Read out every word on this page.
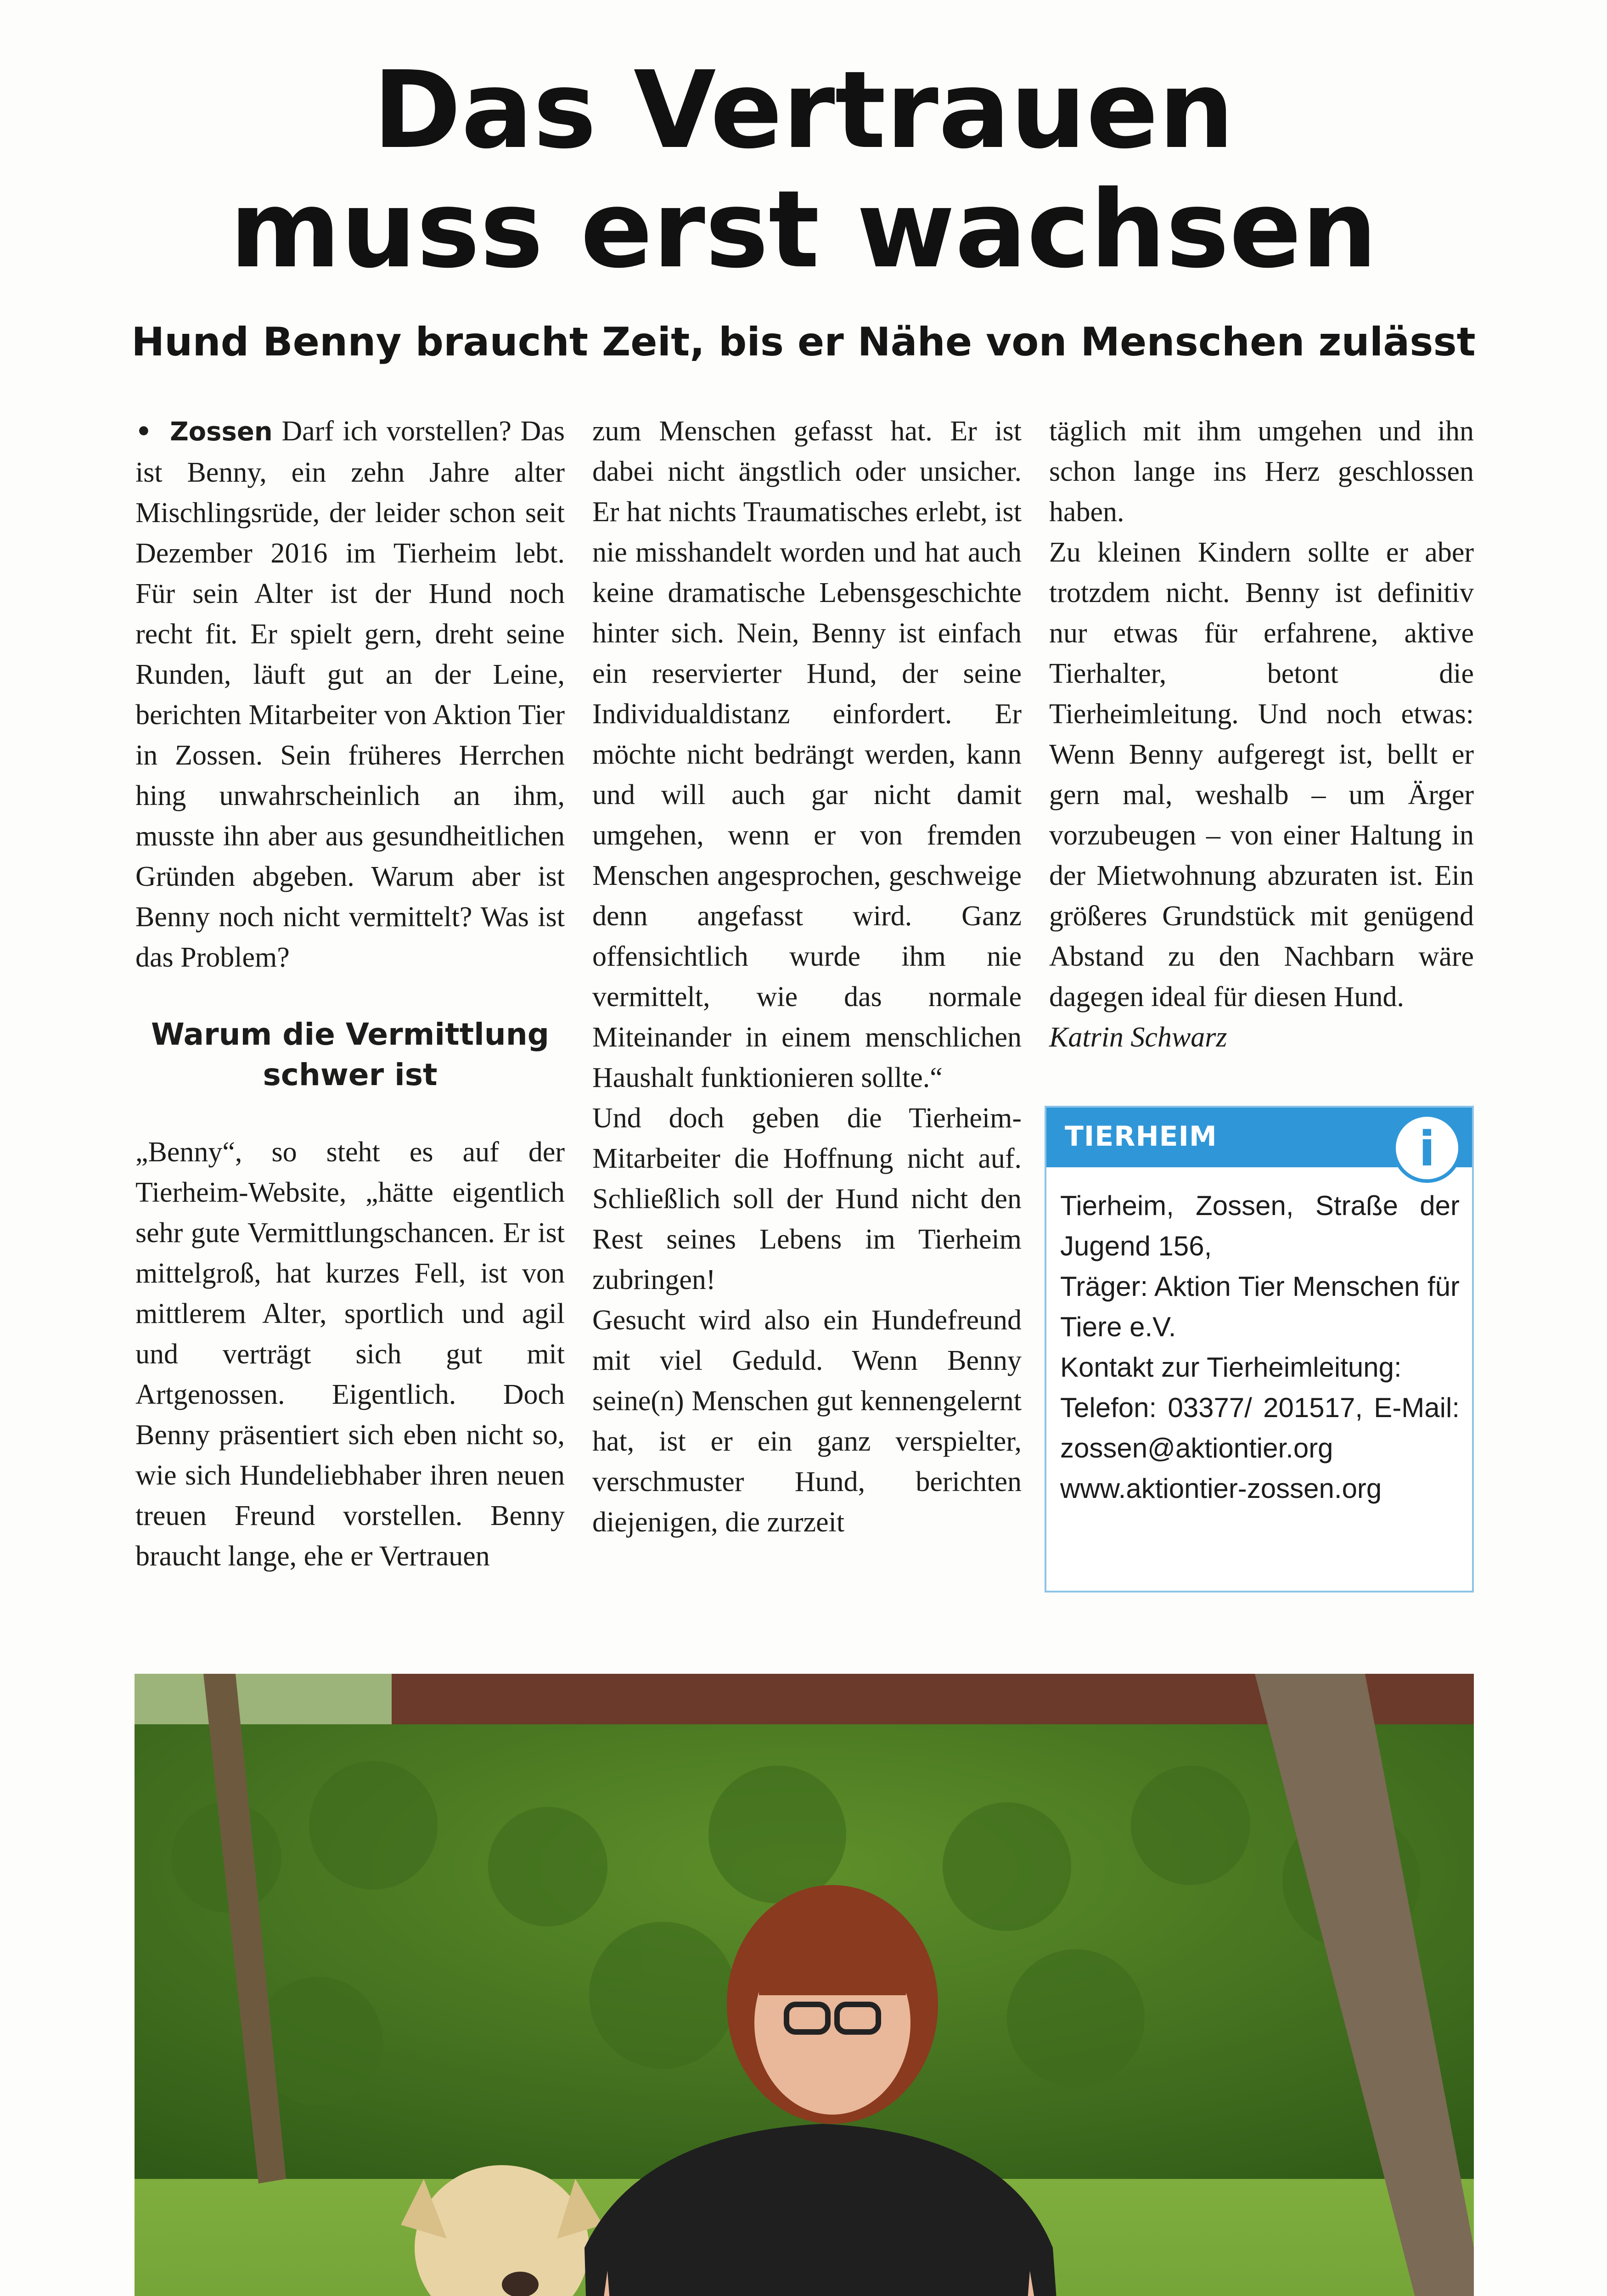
Das Vertrauen
muss erst wachsen
Hund Benny braucht Zeit, bis er Nähe von Menschen zulässt

• Zossen Darf ich vorstellen? Das ist Benny, ein zehn Jahre alter Mischlingsrüde, der leider schon seit Dezember 2016 im Tierheim lebt. Für sein Alter ist der Hund noch recht fit. Er spielt gern, dreht seine Runden, läuft gut an der Leine, berichten Mitarbeiter von Aktion Tier in Zossen. Sein früheres Herrchen hing unwahrscheinlich an ihm, musste ihn aber aus gesundheitlichen Gründen abgeben. Warum aber ist Benny noch nicht vermittelt? Was ist das Problem?

Warum die Vermittlung schwer ist

„Benny“, so steht es auf der Tierheim-Website, „hätte eigentlich sehr gute Vermittlungschancen. Er ist mittelgroß, hat kurzes Fell, ist von mittlerem Alter, sportlich und agil und verträgt sich gut mit Artgenossen. Eigentlich. Doch Benny präsentiert sich eben nicht so, wie sich Hundeliebhaber ihren neuen treuen Freund vorstellen. Benny braucht lange, ehe er Vertrauen

zum Menschen gefasst hat. Er ist dabei nicht ängstlich oder unsicher. Er hat nichts Traumatisches erlebt, ist nie misshandelt worden und hat auch keine dramatische Lebensgeschichte hinter sich. Nein, Benny ist einfach ein reservierter Hund, der seine Individualdistanz einfordert. Er möchte nicht bedrängt werden, kann und will auch gar nicht damit umgehen, wenn er von fremden Menschen angesprochen, geschweige denn angefasst wird. Ganz offensichtlich wurde ihm nie vermittelt, wie das normale Miteinander in einem menschlichen Haushalt funktionieren sollte.“

Und doch geben die Tierheim-Mitarbeiter die Hoffnung nicht auf. Schließlich soll der Hund nicht den Rest seines Lebens im Tierheim zubringen!

Gesucht wird also ein Hundefreund mit viel Geduld. Wenn Benny seine(n) Menschen gut kennengelernt hat, ist er ein ganz verspielter, verschmuster Hund, berichten diejenigen, die zurzeit

täglich mit ihm umgehen und ihn schon lange ins Herz geschlossen haben.

Zu kleinen Kindern sollte er aber trotzdem nicht. Benny ist definitiv nur etwas für erfahrene, aktive Tierhalter, betont die Tierheimleitung. Und noch etwas: Wenn Benny aufgeregt ist, bellt er gern mal, weshalb – um Ärger vorzubeugen – von einer Haltung in der Mietwohnung abzuraten ist. Ein größeres Grundstück mit genügend Abstand zu den Nachbarn wäre dagegen ideal für diesen Hund.

Katrin Schwarz

TIERHEIM	i
Tierheim, Zossen, Straße der Jugend 156,
Träger: Aktion Tier Menschen für Tiere e.V.
Kontakt zur Tierheimleitung:
Telefon: 03377/ 201517, E-Mail: zossen@aktiontier.org
www.aktiontier-zossen.org
